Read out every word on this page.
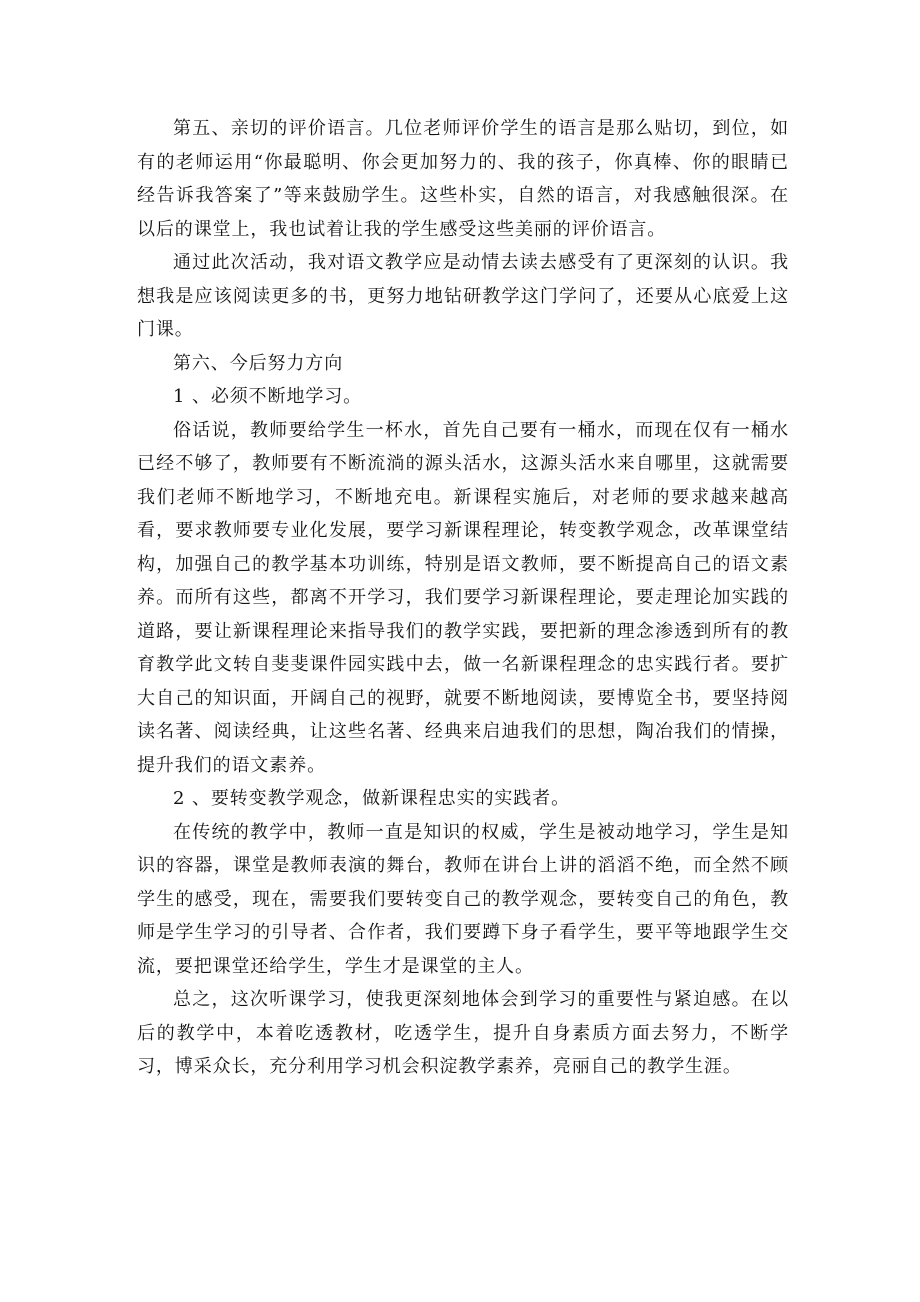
第五、亲切的评价语言。几位老师评价学生的语言是那么贴切，到位，如有的老师运用“你最聪明、你会更加努力的、我的孩子，你真棒、你的眼睛已经告诉我答案了”等来鼓励学生。这些朴实，自然的语言，对我感触很深。在以后的课堂上，我也试着让我的学生感受这些美丽的评价语言。

通过此次活动，我对语文教学应是动情去读去感受有了更深刻的认识。我想我是应该阅读更多的书，更努力地钻研教学这门学问了，还要从心底爱上这门课。

第六、今后努力方向

1 、必须不断地学习。

俗话说，教师要给学生一杯水，首先自己要有一桶水，而现在仅有一桶水已经不够了，教师要有不断流淌的源头活水，这源头活水来自哪里，这就需要我们老师不断地学习，不断地充电。新课程实施后，对老师的要求越来越高看，要求教师要专业化发展，要学习新课程理论，转变教学观念，改革课堂结构，加强自己的教学基本功训练，特别是语文教师，要不断提高自己的语文素养。而所有这些，都离不开学习，我们要学习新课程理论，要走理论加实践的道路，要让新课程理论来指导我们的教学实践，要把新的理念渗透到所有的教育教学此文转自斐斐课件园实践中去，做一名新课程理念的忠实践行者。要扩大自己的知识面，开阔自己的视野，就要不断地阅读，要博览全书，要坚持阅读名著、阅读经典，让这些名著、经典来启迪我们的思想，陶冶我们的情操，提升我们的语文素养。

2 、要转变教学观念，做新课程忠实的实践者。

在传统的教学中，教师一直是知识的权威，学生是被动地学习，学生是知识的容器，课堂是教师表演的舞台，教师在讲台上讲的滔滔不绝，而全然不顾学生的感受，现在，需要我们要转变自己的教学观念，要转变自己的角色，教师是学生学习的引导者、合作者，我们要蹲下身子看学生，要平等地跟学生交流，要把课堂还给学生，学生才是课堂的主人。

总之，这次听课学习，使我更深刻地体会到学习的重要性与紧迫感。在以后的教学中，本着吃透教材，吃透学生，提升自身素质方面去努力，不断学习，博采众长，充分利用学习机会积淀教学素养，亮丽自己的教学生涯。
